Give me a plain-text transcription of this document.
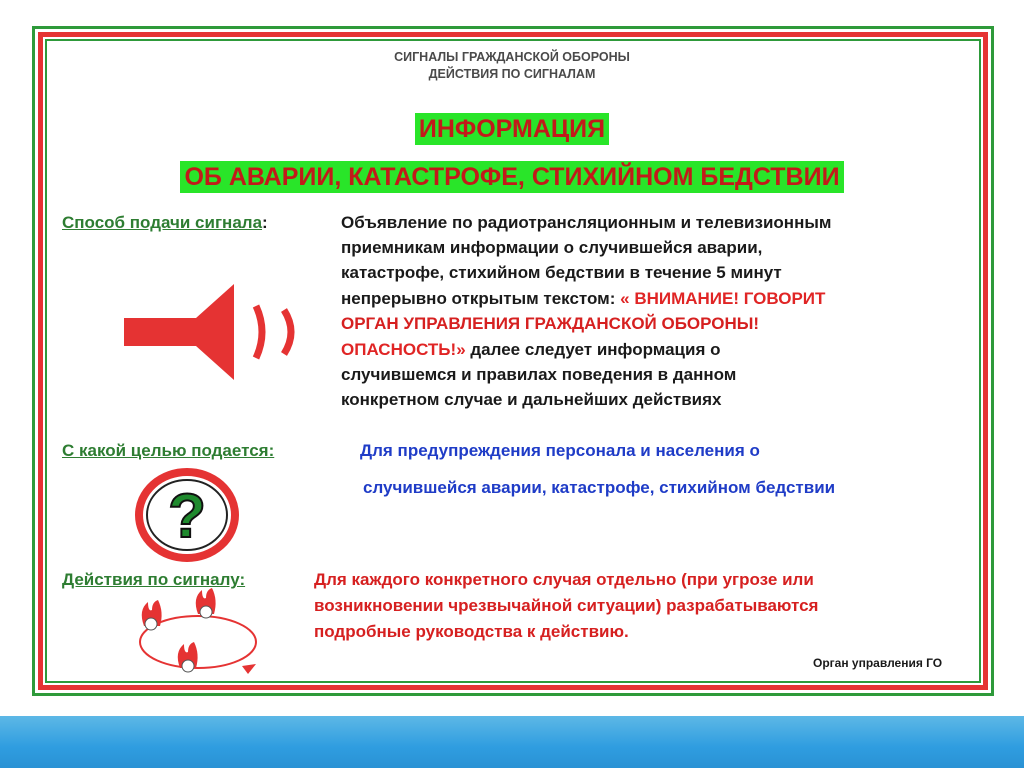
СИГНАЛЫ ГРАЖДАНСКОЙ ОБОРОНЫ
ДЕЙСТВИЯ ПО СИГНАЛАМ
ИНФОРМАЦИЯ
ОБ АВАРИИ, КАТАСТРОФЕ, СТИХИЙНОМ БЕДСТВИИ
Способ подачи сигнала:	Объявление по радиотрансляционным и телевизионным
приемникам информации о случившейся аварии,
катастрофе, стихийном бедствии в течение 5 минут
непрерывно открытым текстом: « ВНИМАНИЕ! ГОВОРИТ
ОРГАН УПРАВЛЕНИЯ ГРАЖДАНСКОЙ ОБОРОНЫ!
ОПАСНОСТЬ!» далее следует информация о
случившемся и правилах поведения в данном
конкретном случае и дальнейших действиях
С какой целью подается:	Для предупреждения персонала и населения о
случившейся аварии, катастрофе, стихийном бедствии
?
Действия по сигналу:	Для каждого конкретного случая отдельно (при угрозе или
возникновении чрезвычайной ситуации) разрабатываются
подробные руководства к действию.
Орган управления ГО
